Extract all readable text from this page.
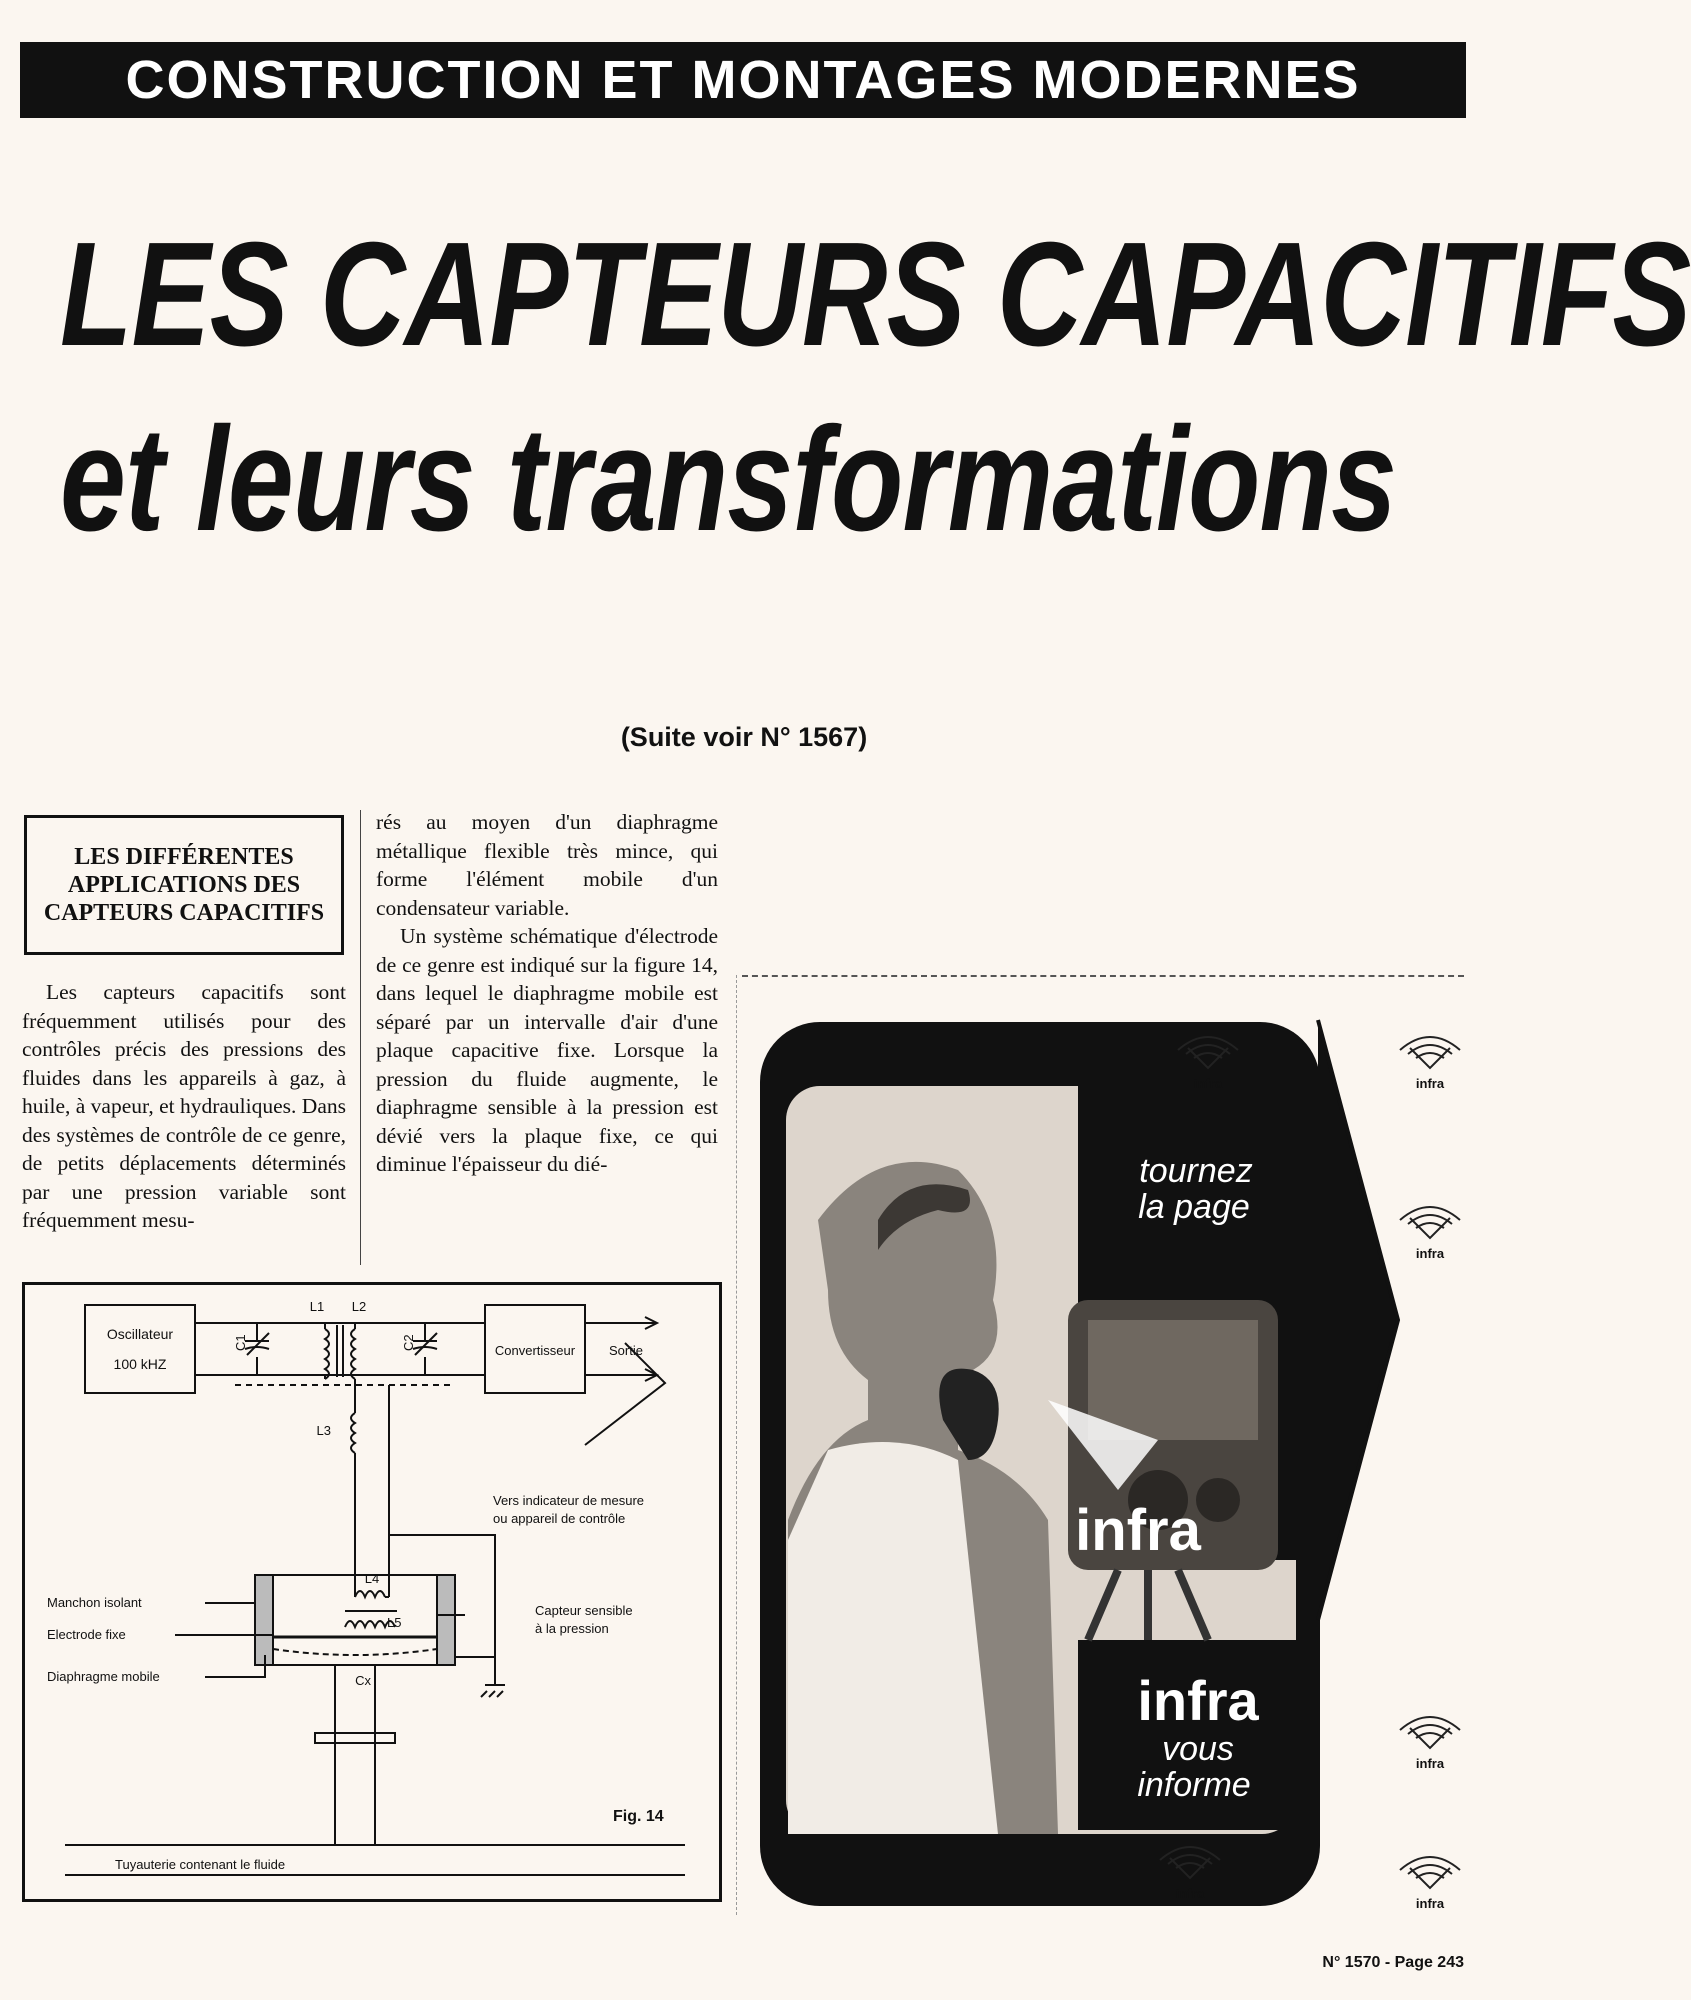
CONSTRUCTION ET MONTAGES MODERNES
LES CAPTEURS CAPACITIFS
et leurs transformations
(Suite voir N° 1567)
LES DIFFÉRENTES APPLICATIONS DES CAPTEURS CAPACITIFS

Les capteurs capacitifs sont fréquemment utilisés pour des contrôles précis des pressions des fluides dans les appareils à gaz, à huile, à vapeur, et hydrauliques. Dans des systèmes de contrôle de ce genre, de petits déplacements déterminés par une pression variable sont fréquemment mesu-

rés au moyen d'un diaphragme métallique flexible très mince, qui forme l'élément mobile d'un condensateur variable.

Un système schématique d'électrode de ce genre est indiqué sur la figure 14, dans lequel le diaphragme mobile est séparé par un intervalle d'air d'une plaque capacitive fixe. Lorsque la pression du fluide augmente, le diaphragme sensible à la pression est dévié vers la plaque fixe, ce qui diminue l'épaisseur du dié-

Oscillateur
100 kHZ
C1	C2
L1 L2
L3
L4
L5
Cx
Convertisseur	Sortie
Vers indicateur de mesure
ou appareil de contrôle
Manchon isolant
Electrode fixe
Diaphragme mobile
Capteur sensible
à la pression
Fig. 14
Tuyauterie contenant le fluide
infra	infra
infra
infra
infra
infra
tournez
la page
infra
infra
vous
informe
N° 1570 - Page 243
